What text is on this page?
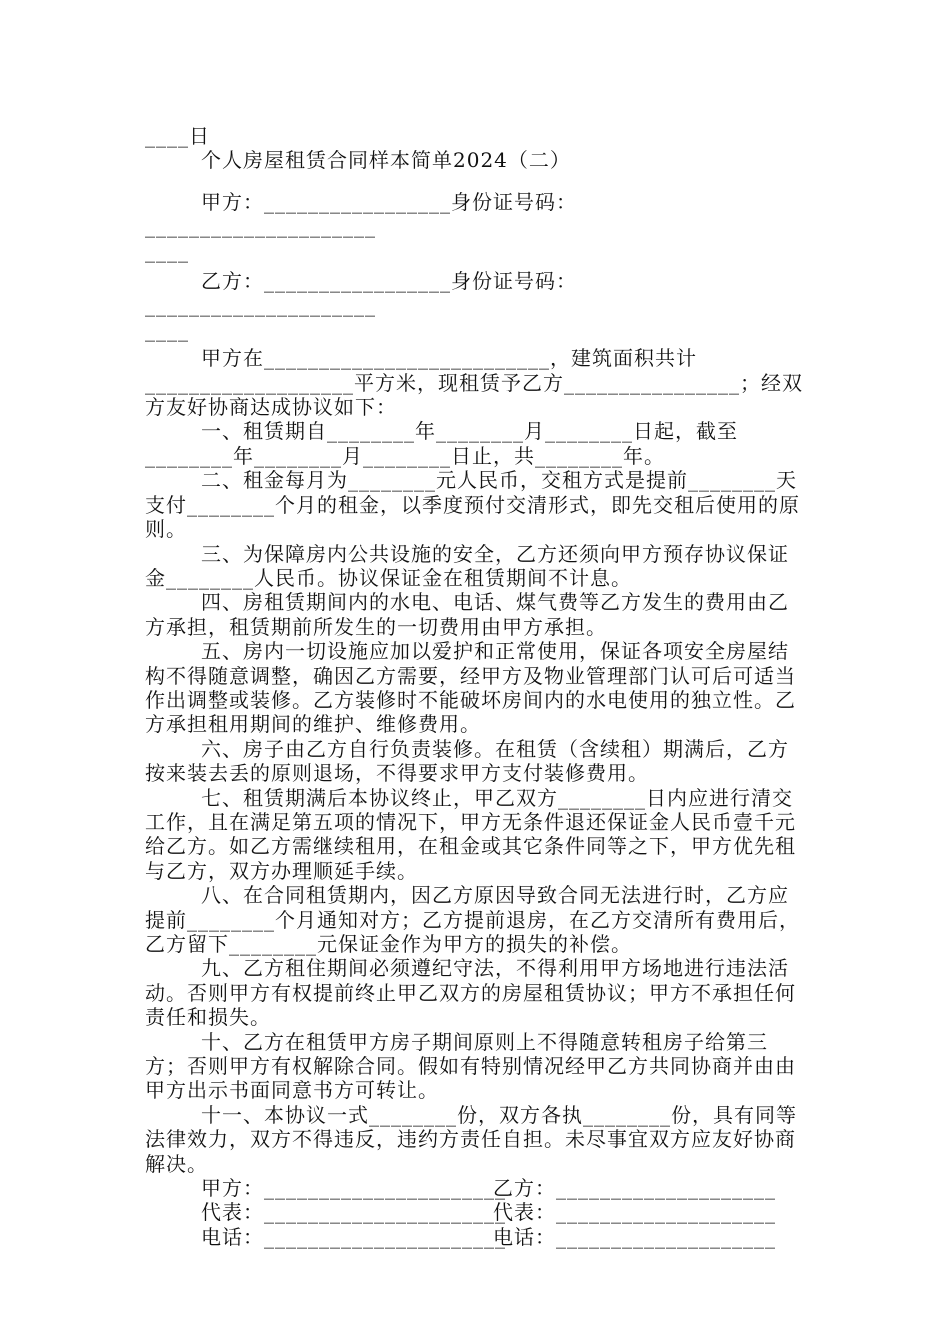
____日

个人房屋租赁合同样本简单2024（二）

甲方：_________________身份证号码：_____________________

____

乙方：_________________身份证号码：_____________________

____

甲方在__________________________，建筑面积共计___________________平方米，现租赁予乙方________________；经双方友好协商达成协议如下：

一、租赁期自________年________月________日起，截至________年________月________日止，共________年。

二、租金每月为________元人民币，交租方式是提前________天支付________个月的租金，以季度预付交清形式，即先交租后使用的原则。

三、为保障房内公共设施的安全，乙方还须向甲方预存协议保证金________人民币。协议保证金在租赁期间不计息。

四、房租赁期间内的水电、电话、煤气费等乙方发生的费用由乙方承担，租赁期前所发生的一切费用由甲方承担。

五、房内一切设施应加以爱护和正常使用，保证各项安全房屋结构不得随意调整，确因乙方需要，经甲方及物业管理部门认可后可适当作出调整或装修。乙方装修时不能破坏房间内的水电使用的独立性。乙方承担租用期间的维护、维修费用。

六、房子由乙方自行负责装修。在租赁（含续租）期满后，乙方按来装去丢的原则退场，不得要求甲方支付装修费用。

七、租赁期满后本协议终止，甲乙双方________日内应进行清交工作，且在满足第五项的情况下，甲方无条件退还保证金人民币壹千元给乙方。如乙方需继续租用，在租金或其它条件同等之下，甲方优先租与乙方，双方办理顺延手续。

八、在合同租赁期内，因乙方原因导致合同无法进行时，乙方应提前________个月通知对方；乙方提前退房，在乙方交清所有费用后，乙方留下________元保证金作为甲方的损失的补偿。

九、乙方租住期间必须遵纪守法，不得利用甲方场地进行违法活动。否则甲方有权提前终止甲乙双方的房屋租赁协议；甲方不承担任何责任和损失。

十、乙方在租赁甲方房子期间原则上不得随意转租房子给第三方；否则甲方有权解除合同。假如有特别情况经甲乙方共同协商并由由甲方出示书面同意书方可转让。

十一、本协议一式________份，双方各执________份，具有同等法律效力，双方不得违反，违约方责任自担。未尽事宜双方应友好协商解决。

甲方：______________________
乙方：____________________
代表：______________________
代表：____________________
电话：______________________
电话：____________________
